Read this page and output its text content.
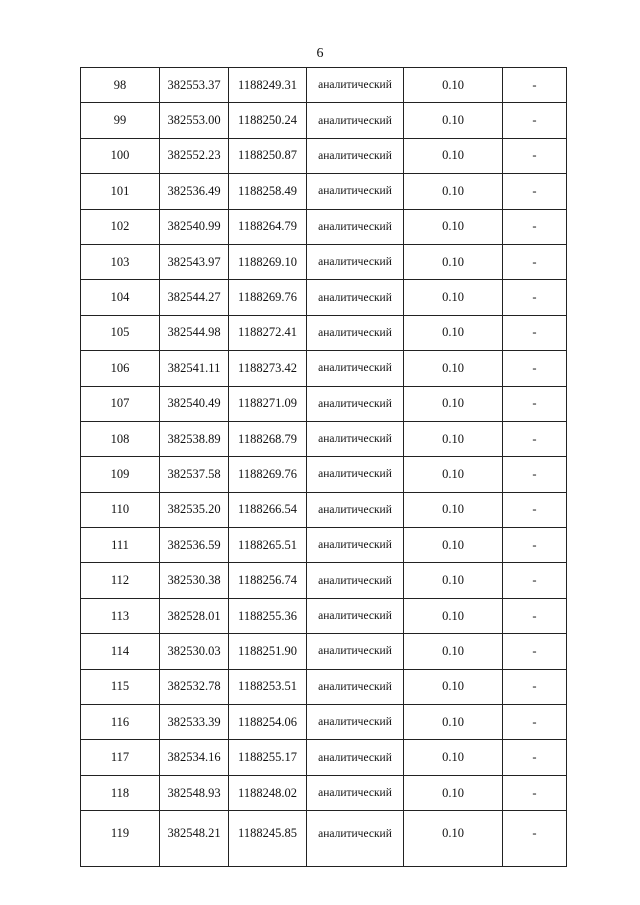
6
98	382553.37	1188249.31	аналитический	0.10	-
99	382553.00	1188250.24	аналитический	0.10	-
100	382552.23	1188250.87	аналитический	0.10	-
101	382536.49	1188258.49	аналитический	0.10	-
102	382540.99	1188264.79	аналитический	0.10	-
103	382543.97	1188269.10	аналитический	0.10	-
104	382544.27	1188269.76	аналитический	0.10	-
105	382544.98	1188272.41	аналитический	0.10	-
106	382541.11	1188273.42	аналитический	0.10	-
107	382540.49	1188271.09	аналитический	0.10	-
108	382538.89	1188268.79	аналитический	0.10	-
109	382537.58	1188269.76	аналитический	0.10	-
110	382535.20	1188266.54	аналитический	0.10	-
111	382536.59	1188265.51	аналитический	0.10	-
112	382530.38	1188256.74	аналитический	0.10	-
113	382528.01	1188255.36	аналитический	0.10	-
114	382530.03	1188251.90	аналитический	0.10	-
115	382532.78	1188253.51	аналитический	0.10	-
116	382533.39	1188254.06	аналитический	0.10	-
117	382534.16	1188255.17	аналитический	0.10	-
118	382548.93	1188248.02	аналитический	0.10	-
119	382548.21	1188245.85	аналитический	0.10	-
